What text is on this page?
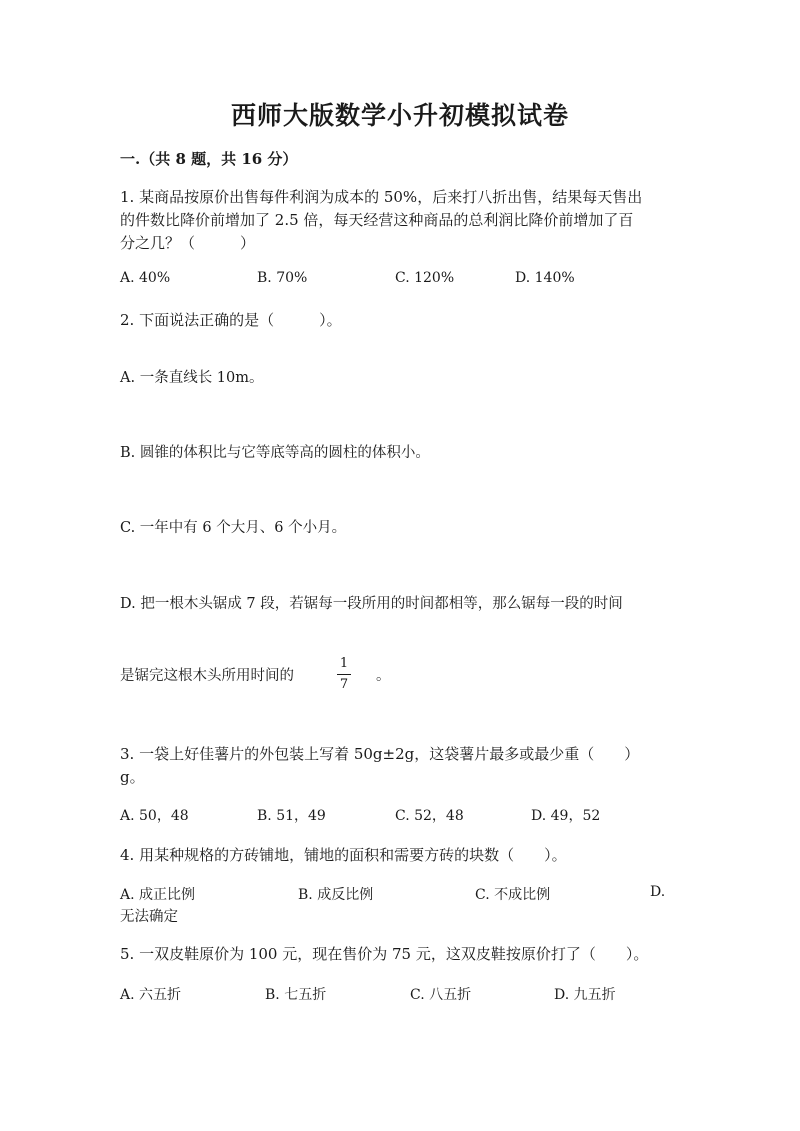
西师大版数学小升初模拟试卷
一.（共 8 题，共 16 分）
1. 某商品按原价出售每件利润为成本的 50%，后来打八折出售，结果每天售出
的件数比降价前增加了 2.5 倍，每天经营这种商品的总利润比降价前增加了百
分之几？（　　　）
A. 40%	B. 70%	C. 120%	D. 140%
2. 下面说法正确的是（　　　）。
A. 一条直线长 10m。
B. 圆锥的体积比与它等底等高的圆柱的体积小。
C. 一年中有 6 个大月、6 个小月。
D. 把一根木头锯成 7 段，若锯每一段所用的时间都相等，那么锯每一段的时间
是锯完这根木头所用时间的	。
1
7
3. 一袋上好佳薯片的外包装上写着 50g±2g，这袋薯片最多或最少重（　　）
g。
A. 50，48	B. 51，49	C. 52，48	D. 49，52
4. 用某种规格的方砖铺地，铺地的面积和需要方砖的块数（　　）。
A. 成正比例	B. 成反比例	C. 不成比例	D.
无法确定
5. 一双皮鞋原价为 100 元，现在售价为 75 元，这双皮鞋按原价打了（　　）。
A. 六五折	B. 七五折	C. 八五折	D. 九五折
